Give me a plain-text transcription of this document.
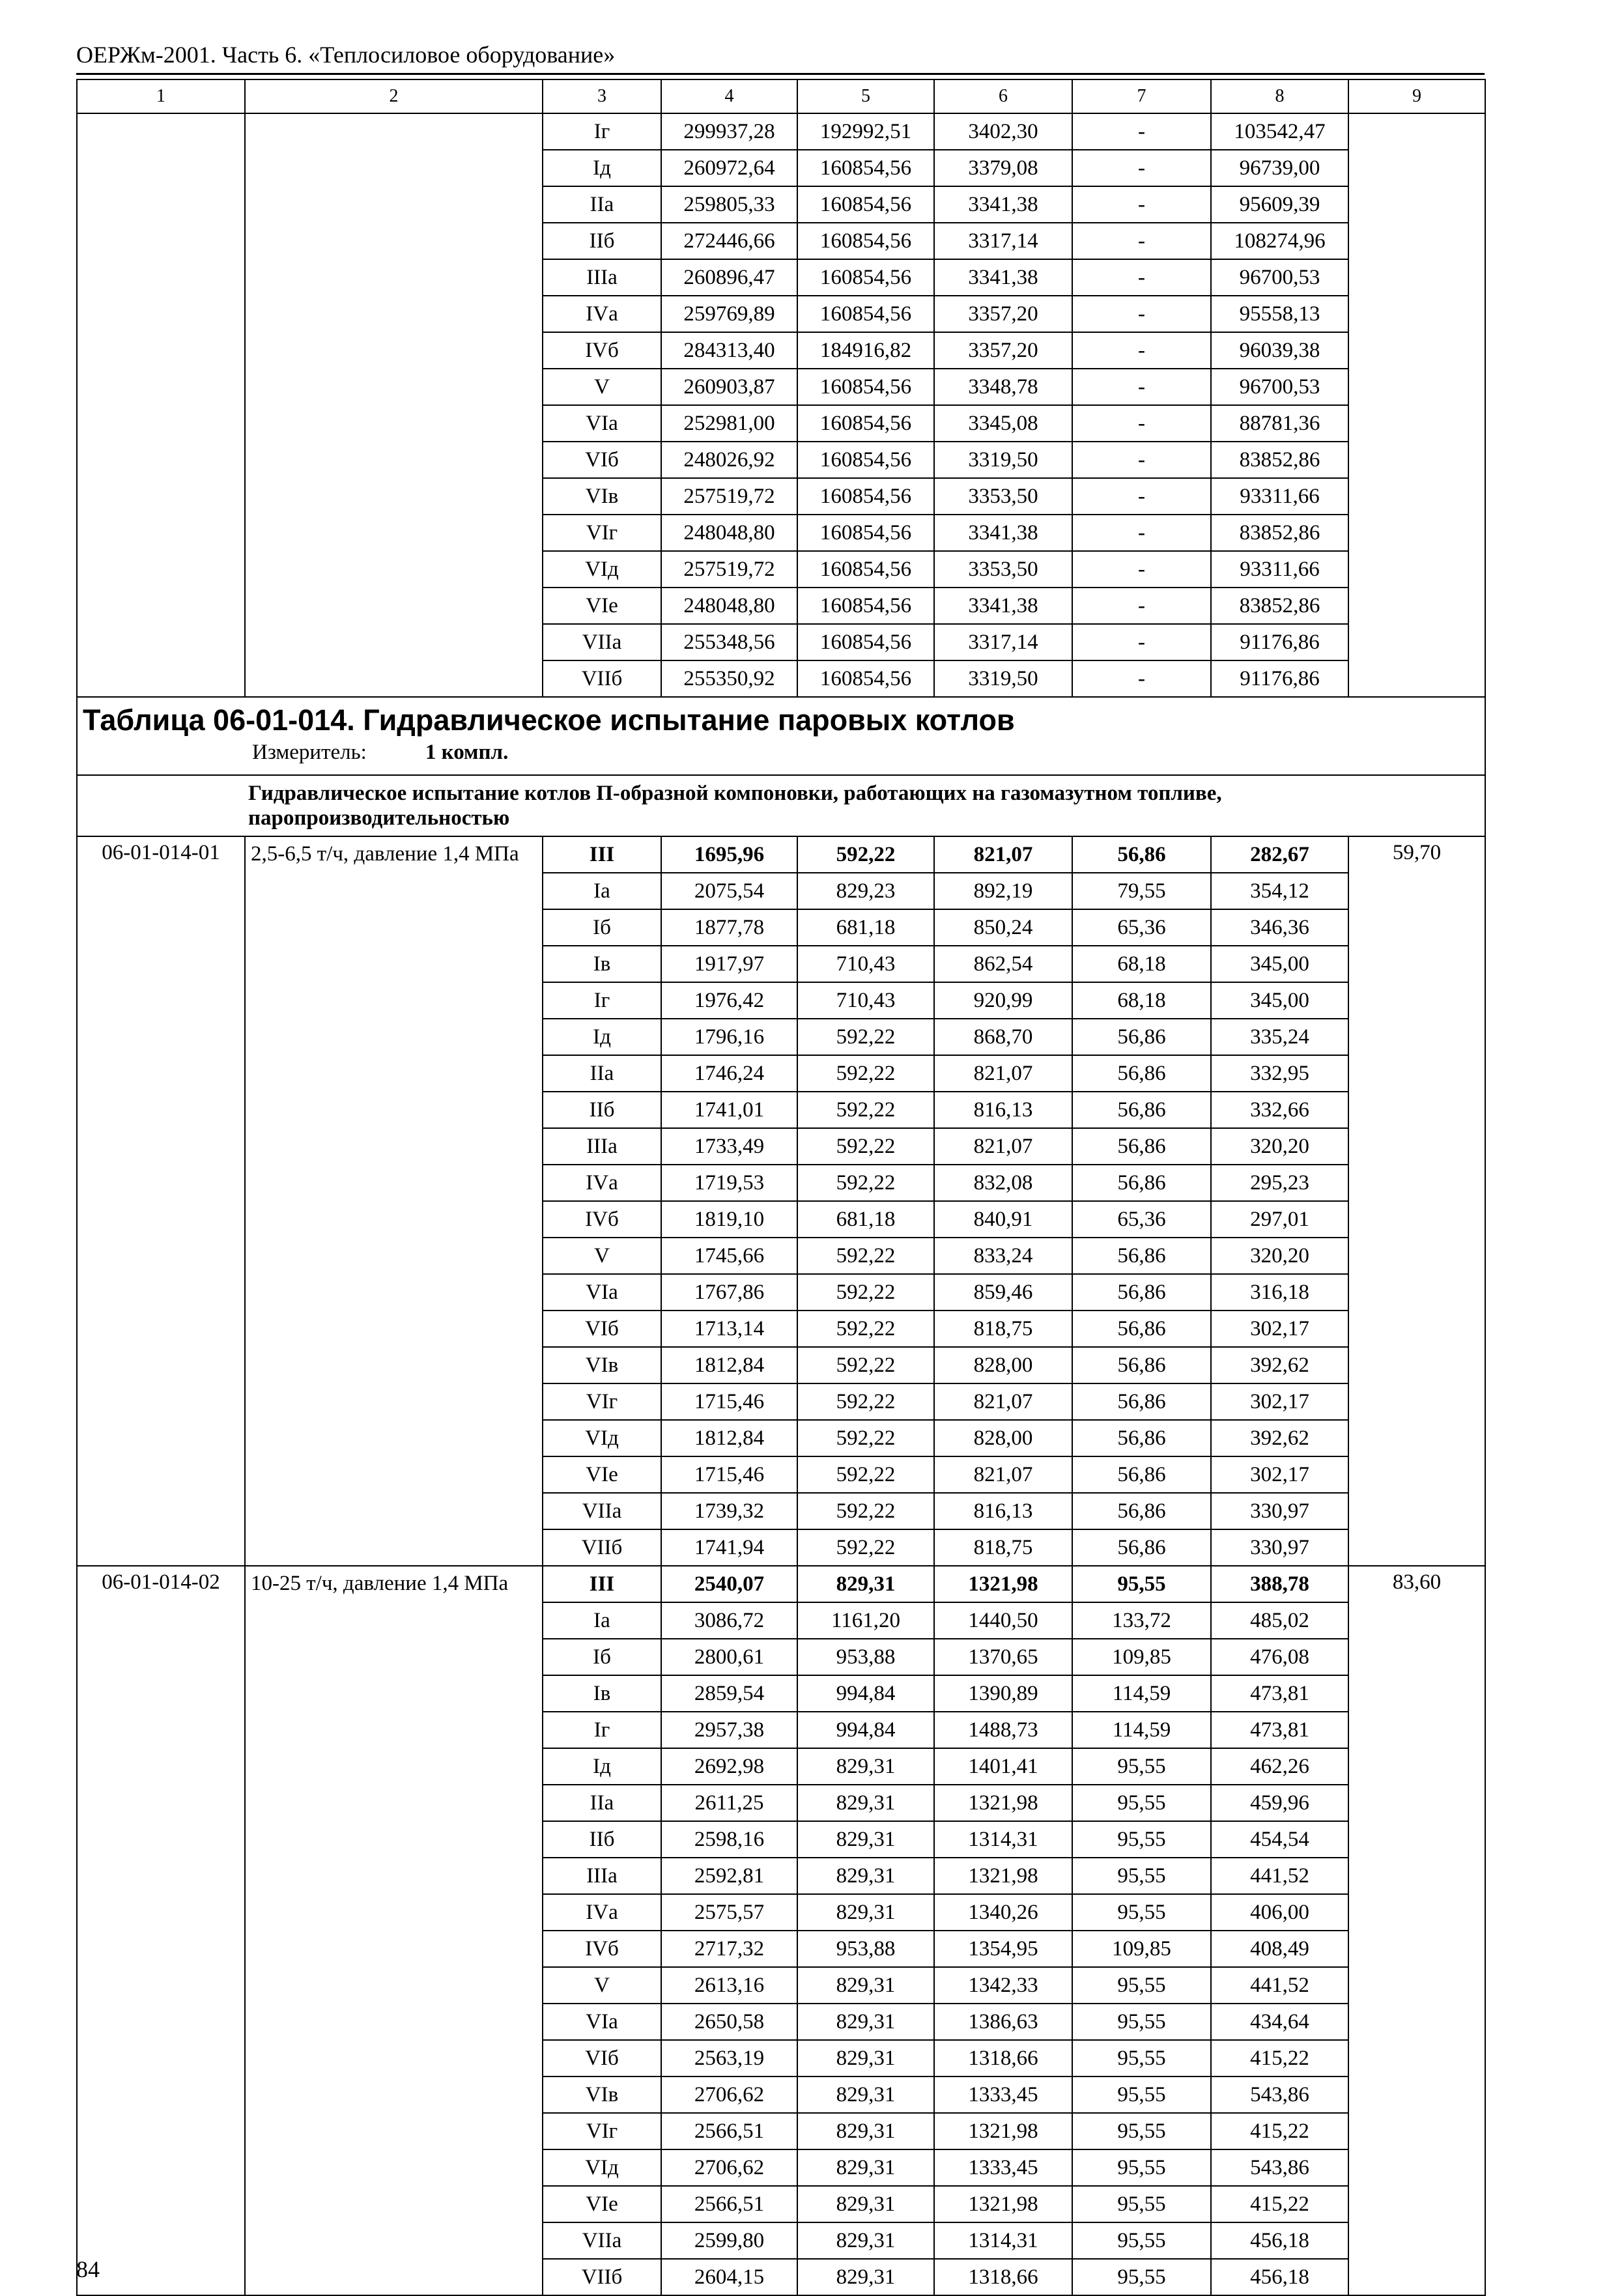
ОЕРЖм-2001. Часть 6. «Теплосиловое оборудование»
1	2	3	4	5	6	7	8	9
		Iг	299937,28	192992,51	3402,30	-	103542,47	
		Iд	260972,64	160854,56	3379,08	-	96739,00	
		IIа	259805,33	160854,56	3341,38	-	95609,39	
		IIб	272446,66	160854,56	3317,14	-	108274,96	
		IIIа	260896,47	160854,56	3341,38	-	96700,53	
		IVа	259769,89	160854,56	3357,20	-	95558,13	
		IVб	284313,40	184916,82	3357,20	-	96039,38	
		V	260903,87	160854,56	3348,78	-	96700,53	
		VIа	252981,00	160854,56	3345,08	-	88781,36	
		VIб	248026,92	160854,56	3319,50	-	83852,86	
		VIв	257519,72	160854,56	3353,50	-	93311,66	
		VIг	248048,80	160854,56	3341,38	-	83852,86	
		VIд	257519,72	160854,56	3353,50	-	93311,66	
		VIе	248048,80	160854,56	3341,38	-	83852,86	
		VIIа	255348,56	160854,56	3317,14	-	91176,86	
		VIIб	255350,92	160854,56	3319,50	-	91176,86	

Таблица 06-01-014. Гидравлическое испытание паровых котлов
Измеритель: 1 компл.								

Гидравлическое испытание котлов П-образной компоновки, работающих на газомазутном топливе, паропроизводительностью								
06-01-014-01	2,5-6,5 т/ч, давление 1,4 МПа	III	1695,96	592,22	821,07	56,86	282,67	59,70
		Iа	2075,54	829,23	892,19	79,55	354,12	
		Iб	1877,78	681,18	850,24	65,36	346,36	
		Iв	1917,97	710,43	862,54	68,18	345,00	
		Iг	1976,42	710,43	920,99	68,18	345,00	
		Iд	1796,16	592,22	868,70	56,86	335,24	
		IIа	1746,24	592,22	821,07	56,86	332,95	
		IIб	1741,01	592,22	816,13	56,86	332,66	
		IIIа	1733,49	592,22	821,07	56,86	320,20	
		IVа	1719,53	592,22	832,08	56,86	295,23	
		IVб	1819,10	681,18	840,91	65,36	297,01	
		V	1745,66	592,22	833,24	56,86	320,20	
		VIа	1767,86	592,22	859,46	56,86	316,18	
		VIб	1713,14	592,22	818,75	56,86	302,17	
		VIв	1812,84	592,22	828,00	56,86	392,62	
		VIг	1715,46	592,22	821,07	56,86	302,17	
		VIд	1812,84	592,22	828,00	56,86	392,62	
		VIе	1715,46	592,22	821,07	56,86	302,17	
		VIIа	1739,32	592,22	816,13	56,86	330,97	
		VIIб	1741,94	592,22	818,75	56,86	330,97	
06-01-014-02	10-25 т/ч, давление 1,4 МПа	III	2540,07	829,31	1321,98	95,55	388,78	83,60
		Iа	3086,72	1161,20	1440,50	133,72	485,02	
		Iб	2800,61	953,88	1370,65	109,85	476,08	
		Iв	2859,54	994,84	1390,89	114,59	473,81	
		Iг	2957,38	994,84	1488,73	114,59	473,81	
		Iд	2692,98	829,31	1401,41	95,55	462,26	
		IIа	2611,25	829,31	1321,98	95,55	459,96	
		IIб	2598,16	829,31	1314,31	95,55	454,54	
		IIIа	2592,81	829,31	1321,98	95,55	441,52	
		IVа	2575,57	829,31	1340,26	95,55	406,00	
		IVб	2717,32	953,88	1354,95	109,85	408,49	
		V	2613,16	829,31	1342,33	95,55	441,52	
		VIа	2650,58	829,31	1386,63	95,55	434,64	
		VIб	2563,19	829,31	1318,66	95,55	415,22	
		VIв	2706,62	829,31	1333,45	95,55	543,86	
		VIг	2566,51	829,31	1321,98	95,55	415,22	
		VIд	2706,62	829,31	1333,45	95,55	543,86	
		VIе	2566,51	829,31	1321,98	95,55	415,22	
		VIIа	2599,80	829,31	1314,31	95,55	456,18	
		VIIб	2604,15	829,31	1318,66	95,55	456,18	
84
